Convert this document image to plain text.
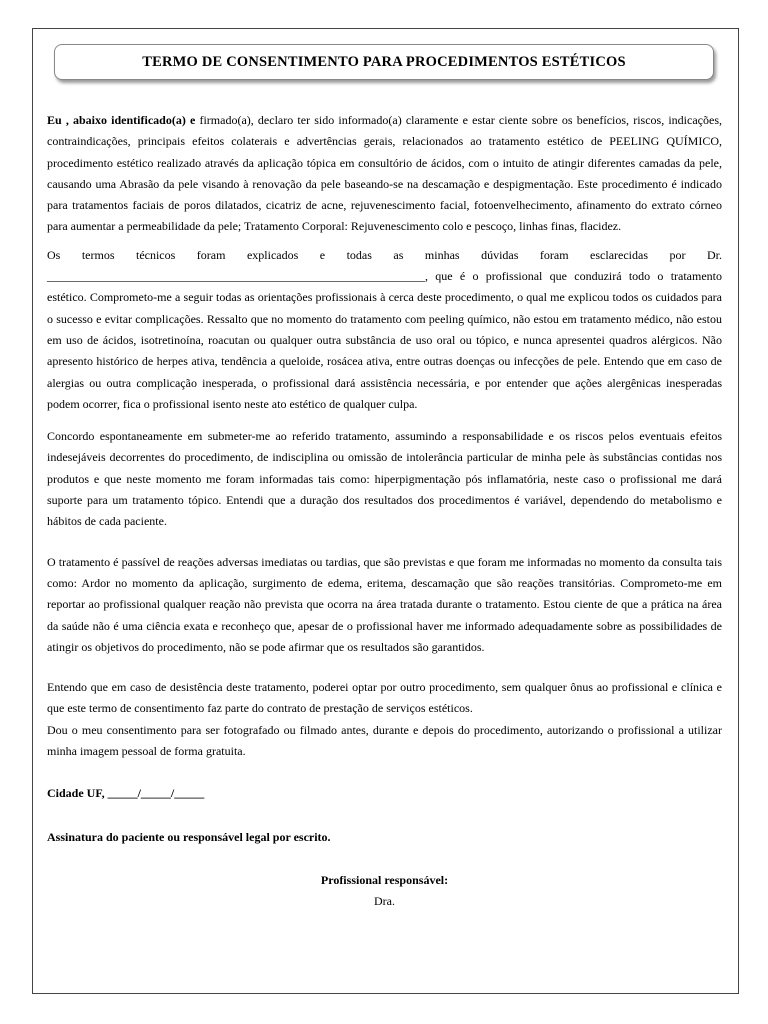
TERMO DE CONSENTIMENTO PARA PROCEDIMENTOS ESTÉTICOS

Eu , abaixo identificado(a) e firmado(a), declaro ter sido informado(a) claramente e estar ciente sobre os benefícios, riscos, indicações, contraindicações, principais efeitos colaterais e advertências gerais, relacionados ao tratamento estético de PEELING QUÍMICO, procedimento estético realizado através da aplicação tópica em consultório de ácidos, com o intuito de atingir diferentes camadas da pele, causando uma Abrasão da pele visando à renovação da pele baseando-se na descamação e despigmentação. Este procedimento é indicado para tratamentos faciais de poros dilatados, cicatriz de acne, rejuvenescimento facial, fotoenvelhecimento, afinamento do extrato córneo para aumentar a permeabilidade da pele; Tratamento Corporal: Rejuvenescimento colo e pescoço, linhas finas, flacidez.

Os termos técnicos foram explicados e todas as minhas dúvidas foram esclarecidas por Dr.

_______________________________________________________________, que é o profissional que conduzirá todo o tratamento estético. Comprometo-me a seguir todas as orientações profissionais à cerca deste procedimento, o qual me explicou todos os cuidados para o sucesso e evitar complicações. Ressalto que no momento do tratamento com peeling químico, não estou em tratamento médico, não estou em uso de ácidos, isotretinoína, roacutan ou qualquer outra substância de uso oral ou tópico, e nunca apresentei quadros alérgicos. Não apresento histórico de herpes ativa, tendência a queloide, rosácea ativa, entre outras doenças ou infecções de pele. Entendo que em caso de alergias ou outra complicação inesperada, o profissional dará assistência necessária, e por entender que ações alergênicas inesperadas podem ocorrer, fica o profissional isento neste ato estético de qualquer culpa.

Concordo espontaneamente em submeter-me ao referido tratamento, assumindo a responsabilidade e os riscos pelos eventuais efeitos indesejáveis decorrentes do procedimento, de indisciplina ou omissão de intolerância particular de minha pele às substâncias contidas nos produtos e que neste momento me foram informadas tais como: hiperpigmentação pós inflamatória, neste caso o profissional me dará suporte para um tratamento tópico. Entendi que a duração dos resultados dos procedimentos é variável, dependendo do metabolismo e hábitos de cada paciente.

O tratamento é passível de reações adversas imediatas ou tardias, que são previstas e que foram me informadas no momento da consulta tais como: Ardor no momento da aplicação, surgimento de edema, eritema, descamação que são reações transitórias. Comprometo-me em reportar ao profissional qualquer reação não prevista que ocorra na área tratada durante o tratamento. Estou ciente de que a prática na área da saúde não é uma ciência exata e reconheço que, apesar de o profissional haver me informado adequadamente sobre as possibilidades de atingir os objetivos do procedimento, não se pode afirmar que os resultados são garantidos.

Entendo que em caso de desistência deste tratamento, poderei optar por outro procedimento, sem qualquer ônus ao profissional e clínica e que este termo de consentimento faz parte do contrato de prestação de serviços estéticos.

Dou o meu consentimento para ser fotografado ou filmado antes, durante e depois do procedimento, autorizando o profissional a utilizar minha imagem pessoal de forma gratuita.

Cidade UF, _____/_____/_____

Assinatura do paciente ou responsável legal por escrito.

Profissional responsável:

Dra.
